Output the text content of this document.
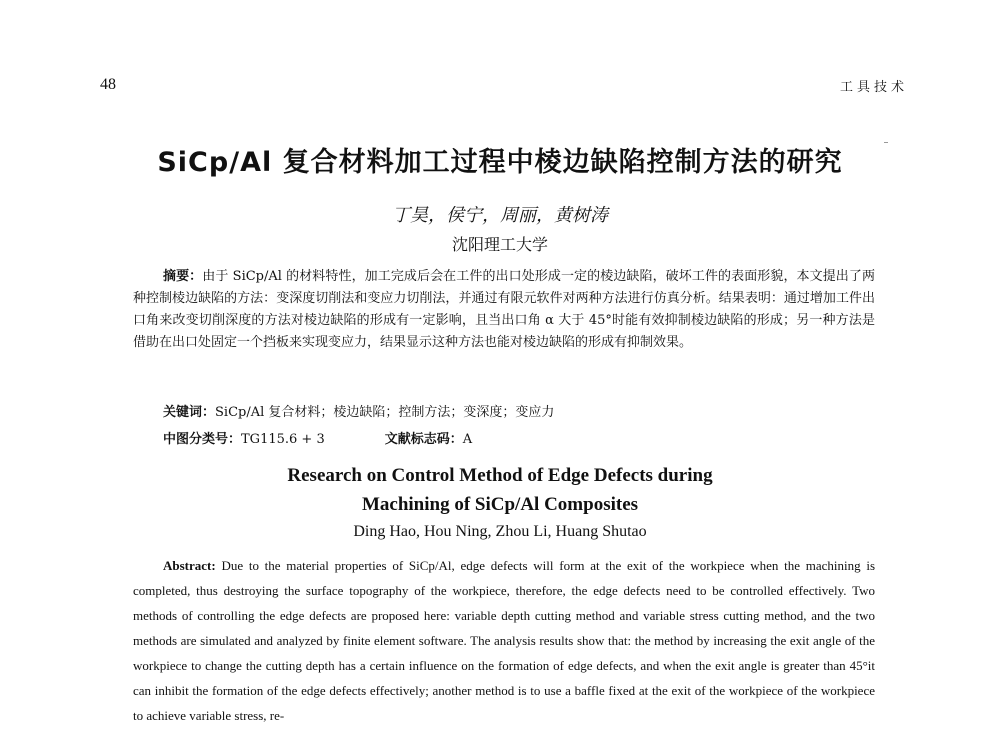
48	工具技术
SiCp/Al 复合材料加工过程中棱边缺陷控制方法的研究
丁昊，侯宁，周丽，黄树涛
沈阳理工大学
摘要：由于 SiCp/Al 的材料特性，加工完成后会在工件的出口处形成一定的棱边缺陷，破坏工件的表面形貌，本文提出了两种控制棱边缺陷的方法：变深度切削法和变应力切削法，并通过有限元软件对两种方法进行仿真分析。结果表明：通过增加工件出口角来改变切削深度的方法对棱边缺陷的形成有一定影响，且当出口角 α 大于 45°时能有效抑制棱边缺陷的形成；另一种方法是借助在出口处固定一个挡板来实现变应力，结果显示这种方法也能对棱边缺陷的形成有抑制效果。
关键词：SiCp/Al 复合材料；棱边缺陷；控制方法；变深度；变应力
中图分类号：TG115.6 + 3	文献标志码：A
Research on Control Method of Edge Defects during
Machining of SiCp/Al Composites
Ding Hao, Hou Ning, Zhou Li, Huang Shutao
Abstract: Due to the material properties of SiCp/Al, edge defects will form at the exit of the workpiece when the machining is completed, thus destroying the surface topography of the workpiece, therefore, the edge defects need to be controlled effectively. Two methods of controlling the edge defects are proposed here: variable depth cutting method and variable stress cutting method, and the two methods are simulated and analyzed by finite element software. The analysis results show that: the method by increasing the exit angle of the workpiece to change the cutting depth has a certain influence on the formation of edge defects, and when the exit angle is greater than 45°it can inhibit the formation of the edge defects effectively; another method is to use a baffle fixed at the exit of the workpiece of the workpiece to achieve variable stress, re-
